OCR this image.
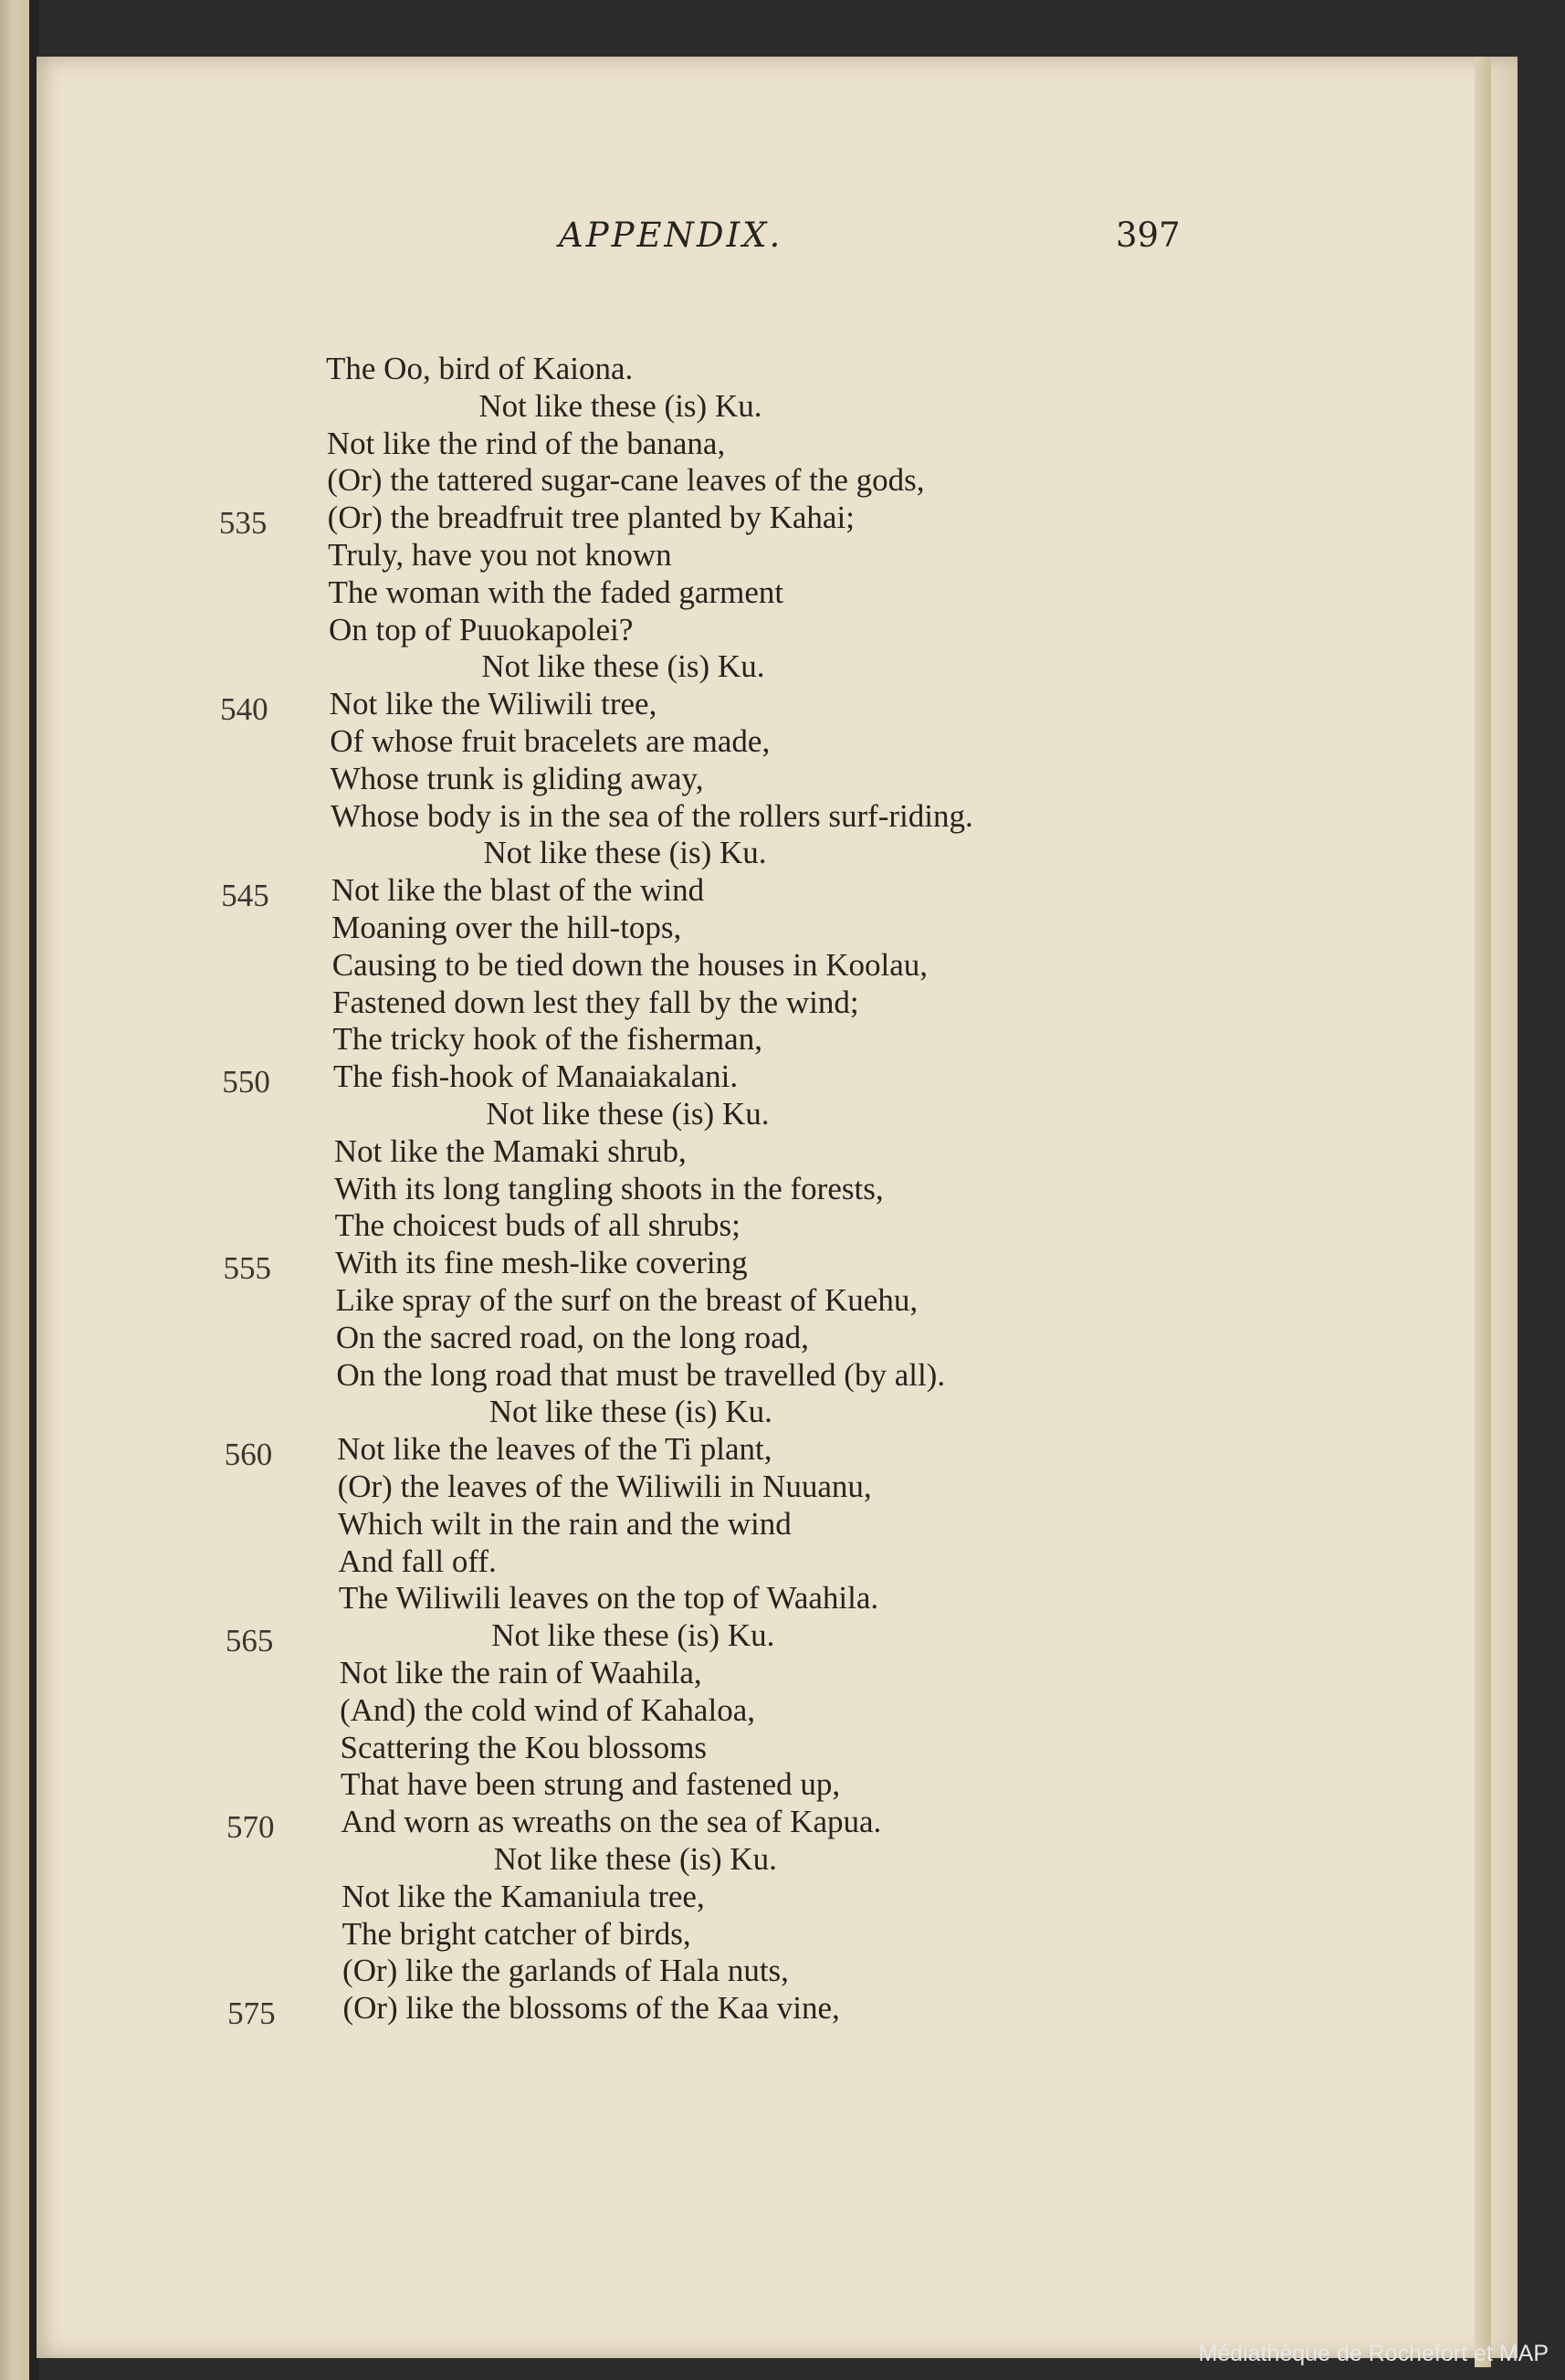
APPENDIX.	397
The Oo, bird of Kaiona.
Not like these (is) Ku.
Not like the rind of the banana,
(Or) the tattered sugar-cane leaves of the gods,
(Or) the breadfruit tree planted by Kahai;
535
Truly, have you not known
The woman with the faded garment
On top of Puuokapolei?
Not like these (is) Ku.
Not like the Wiliwili tree,
540
Of whose fruit bracelets are made,
Whose trunk is gliding away,
Whose body is in the sea of the rollers surf-riding.
Not like these (is) Ku.
Not like the blast of the wind
545
Moaning over the hill-tops,
Causing to be tied down the houses in Koolau,
Fastened down lest they fall by the wind;
The tricky hook of the fisherman,
The fish-hook of Manaiakalani.
550
Not like these (is) Ku.
Not like the Mamaki shrub,
With its long tangling shoots in the forests,
The choicest buds of all shrubs;
With its fine mesh-like covering
555
Like spray of the surf on the breast of Kuehu,
On the sacred road, on the long road,
On the long road that must be travelled (by all).
Not like these (is) Ku.
Not like the leaves of the Ti plant,
560
(Or) the leaves of the Wiliwili in Nuuanu,
Which wilt in the rain and the wind
And fall off.
The Wiliwili leaves on the top of Waahila.
Not like these (is) Ku.
565
Not like the rain of Waahila,
(And) the cold wind of Kahaloa,
Scattering the Kou blossoms
That have been strung and fastened up,
And worn as wreaths on the sea of Kapua.
570
Not like these (is) Ku.
Not like the Kamaniula tree,
The bright catcher of birds,
(Or) like the garlands of Hala nuts,
(Or) like the blossoms of the Kaa vine,
575
Médiathèque de Rochefort et MAP
